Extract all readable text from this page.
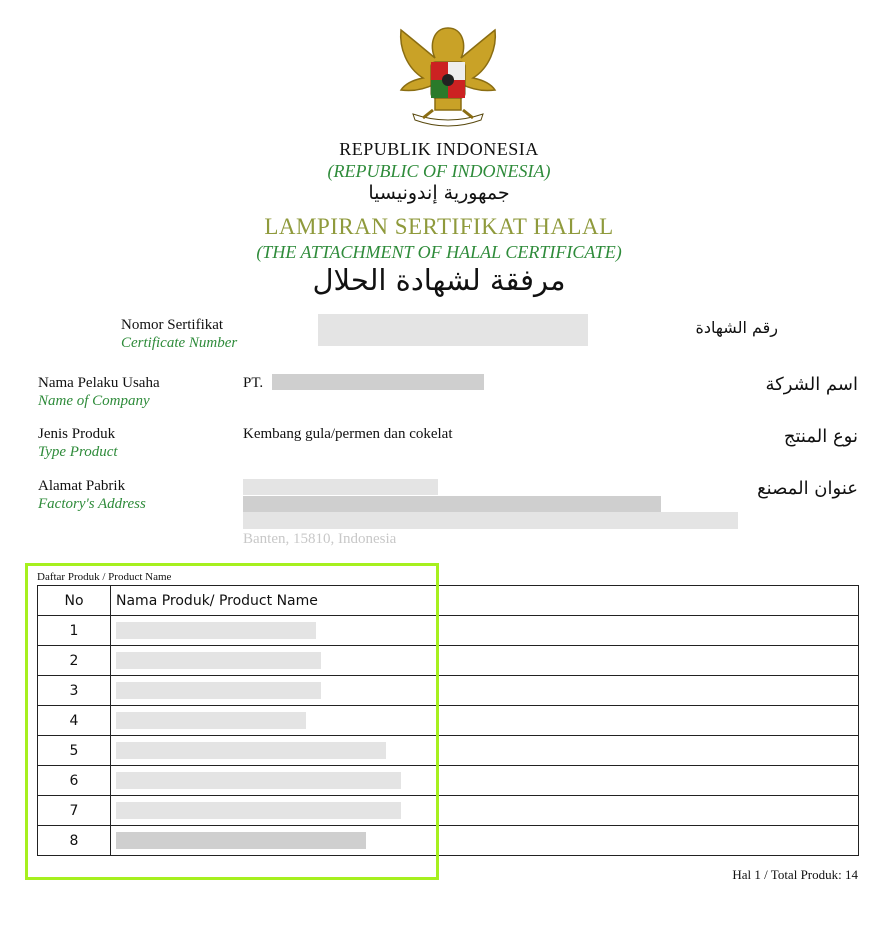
REPUBLIK INDONESIA
(REPUBLIC OF INDONESIA)
جمهورية إندونيسيا
LAMPIRAN SERTIFIKAT HALAL
(THE ATTACHMENT OF HALAL CERTIFICATE)
مرفقة لشهادة الحلال
Nomor Sertifikat
Certificate Number
رقم الشهادة
Nama Pelaku Usaha
Name of Company
PT.	اسم الشركة
Jenis Produk
Type Product
Kembang gula/permen dan cokelat	نوع المنتج
Alamat Pabrik
Factory's Address
Banten, 15810, Indonesia
عنوان المصنع
Daftar Produk / Product Name
No	Nama Produk/ Product Name
1	

2	

3	

4	

5	

6	

7	

8	
Hal 1 / Total Produk: 14
